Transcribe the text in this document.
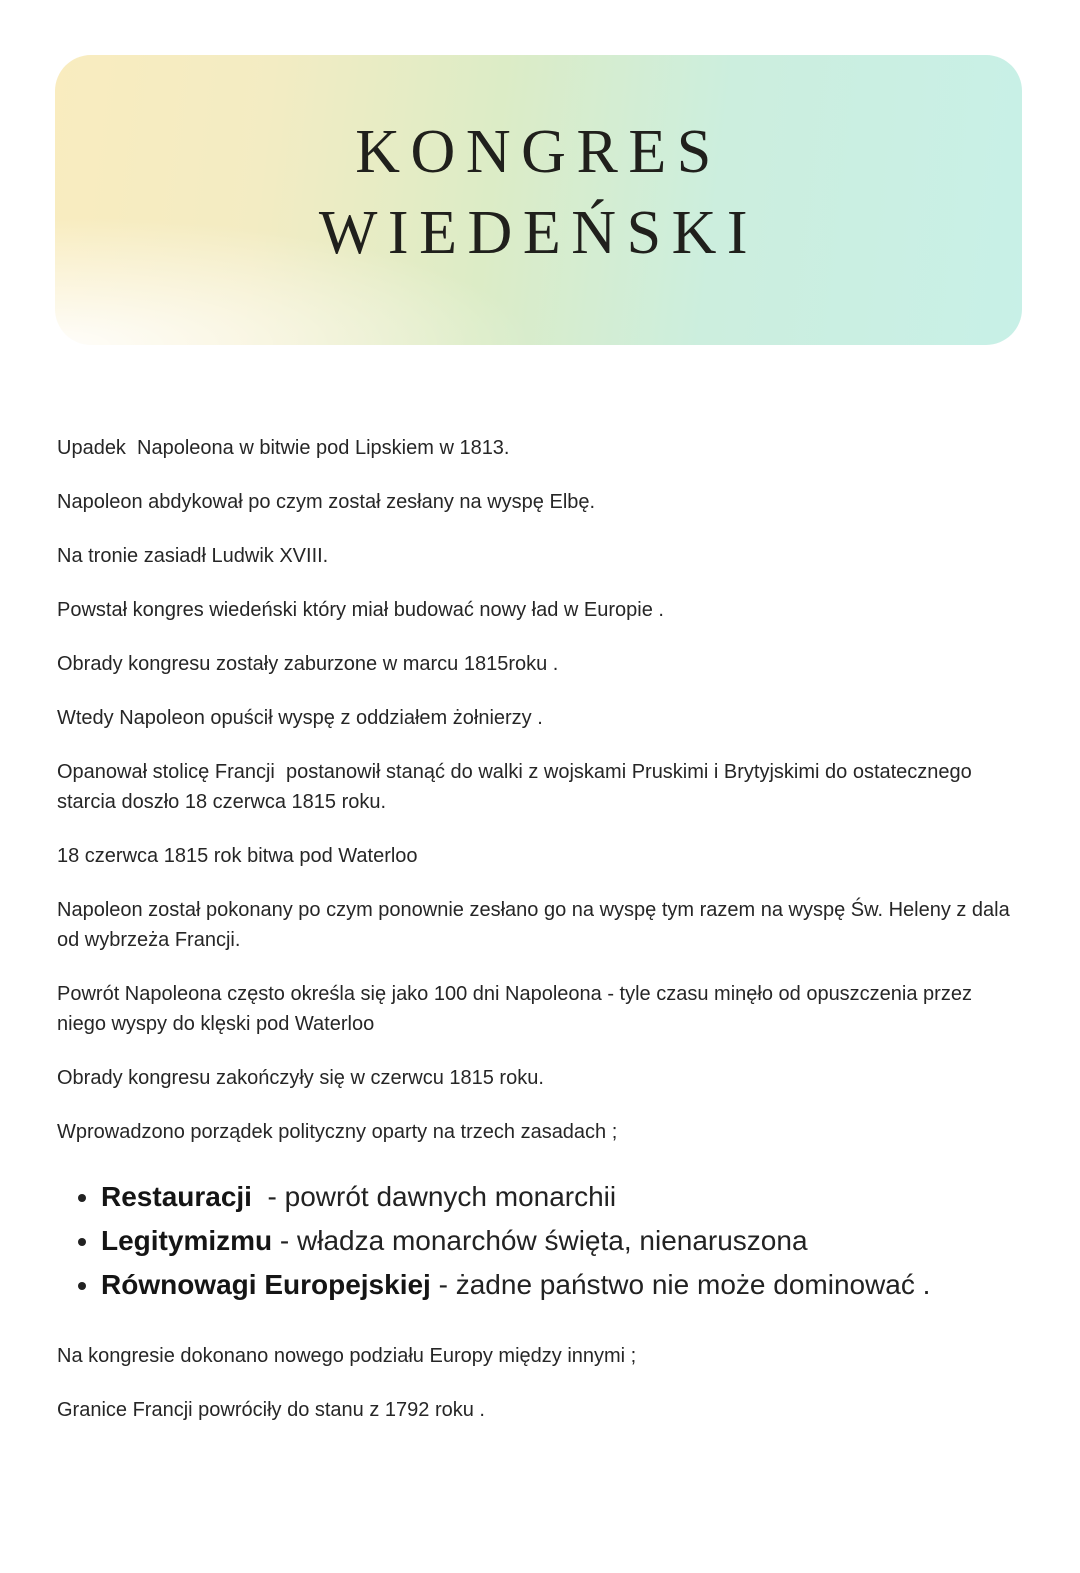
KONGRES
WIEDEŃSKI

Upadek  Napoleona w bitwie pod Lipskiem w 1813.

Napoleon abdykował po czym został zesłany na wyspę Elbę.

Na tronie zasiadł Ludwik XVIII.

Powstał kongres wiedeński który miał budować nowy ład w Europie .

Obrady kongresu zostały zaburzone w marcu 1815roku .

Wtedy Napoleon opuścił wyspę z oddziałem żołnierzy .

Opanował stolicę Francji  postanowił stanąć do walki z wojskami Pruskimi i Brytyjskimi do ostatecznego starcia doszło 18 czerwca 1815 roku.

18 czerwca 1815 rok bitwa pod Waterloo

Napoleon został pokonany po czym ponownie zesłano go na wyspę tym razem na wyspę Św. Heleny z dala od wybrzeża Francji.

Powrót Napoleona często określa się jako 100 dni Napoleona - tyle czasu minęło od opuszczenia przez niego wyspy do klęski pod Waterloo

Obrady kongresu zakończyły się w czerwcu 1815 roku.

Wprowadzono porządek polityczny oparty na trzech zasadach ;

• Restauracji  - powrót dawnych monarchii
• Legitymizmu - władza monarchów święta, nienaruszona
• Równowagi Europejskiej - żadne państwo nie może dominować .

Na kongresie dokonano nowego podziału Europy między innymi ;

Granice Francji powróciły do stanu z 1792 roku .
